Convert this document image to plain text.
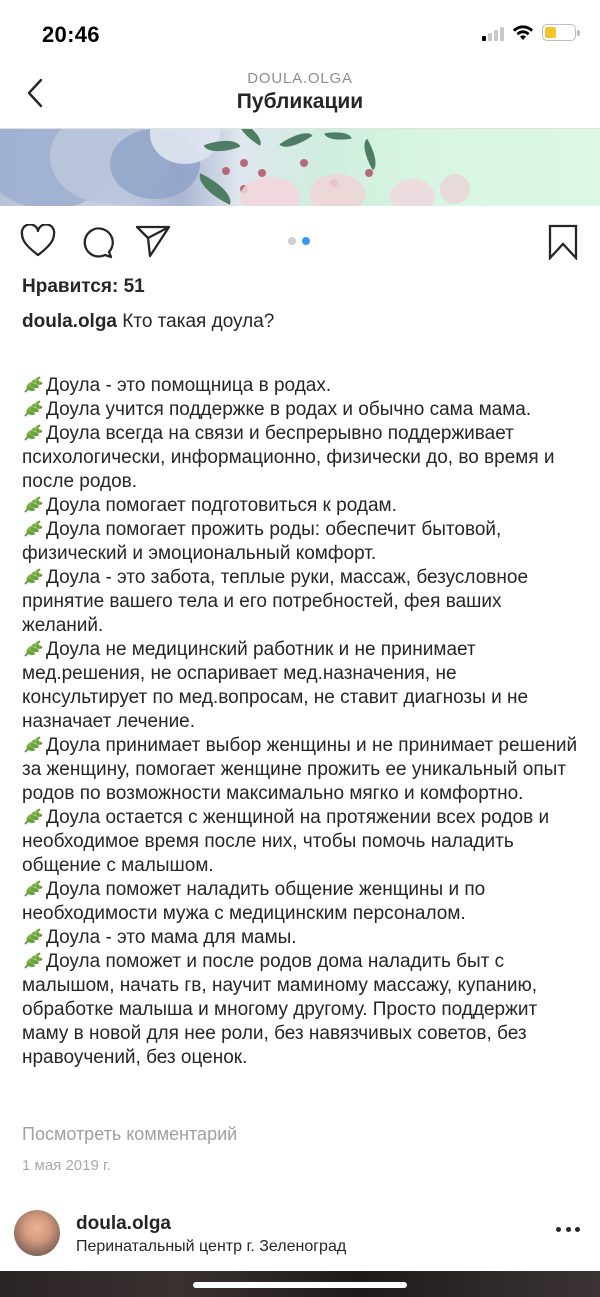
20:46
DOULA.OLGA
Публикации
Нравится: 51
doula.olga Кто такая доула?
Доула - это помощница в родах.
Доула учится поддержке в родах и обычно сама мама.
Доула всегда на связи и беспрерывно поддерживает психологически, информационно, физически до, во время и после родов.
Доула помогает подготовиться к родам.
Доула помогает прожить роды: обеспечит бытовой, физический и эмоциональный комфорт.
Доула - это забота, теплые руки, массаж, безусловное принятие вашего тела и его потребностей, фея ваших желаний.
Доула не медицинский работник и не принимает мед.решения, не оспаривает мед.назначения, не консультирует по мед.вопросам, не ставит диагнозы и не назначает лечение.
Доула принимает выбор женщины и не принимает решений за женщину, помогает женщине прожить ее уникальный опыт родов по возможности максимально мягко и комфортно.
Доула остается с женщиной на протяжении всех родов и необходимое время после них, чтобы помочь наладить общение с малышом.
Доула поможет наладить общение женщины и по необходимости мужа с медицинским персоналом.
Доула - это мама для мамы.
Доула поможет и после родов дома наладить быт с малышом, начать гв, научит маминому массажу, купанию, обработке малыша и многому другому. Просто поддержит маму в новой для нее роли, без навязчивых советов, без нравоучений, без оценок.
Посмотреть комментарий
1 мая 2019 г.
doula.olga
Перинатальный центр г. Зеленоград
